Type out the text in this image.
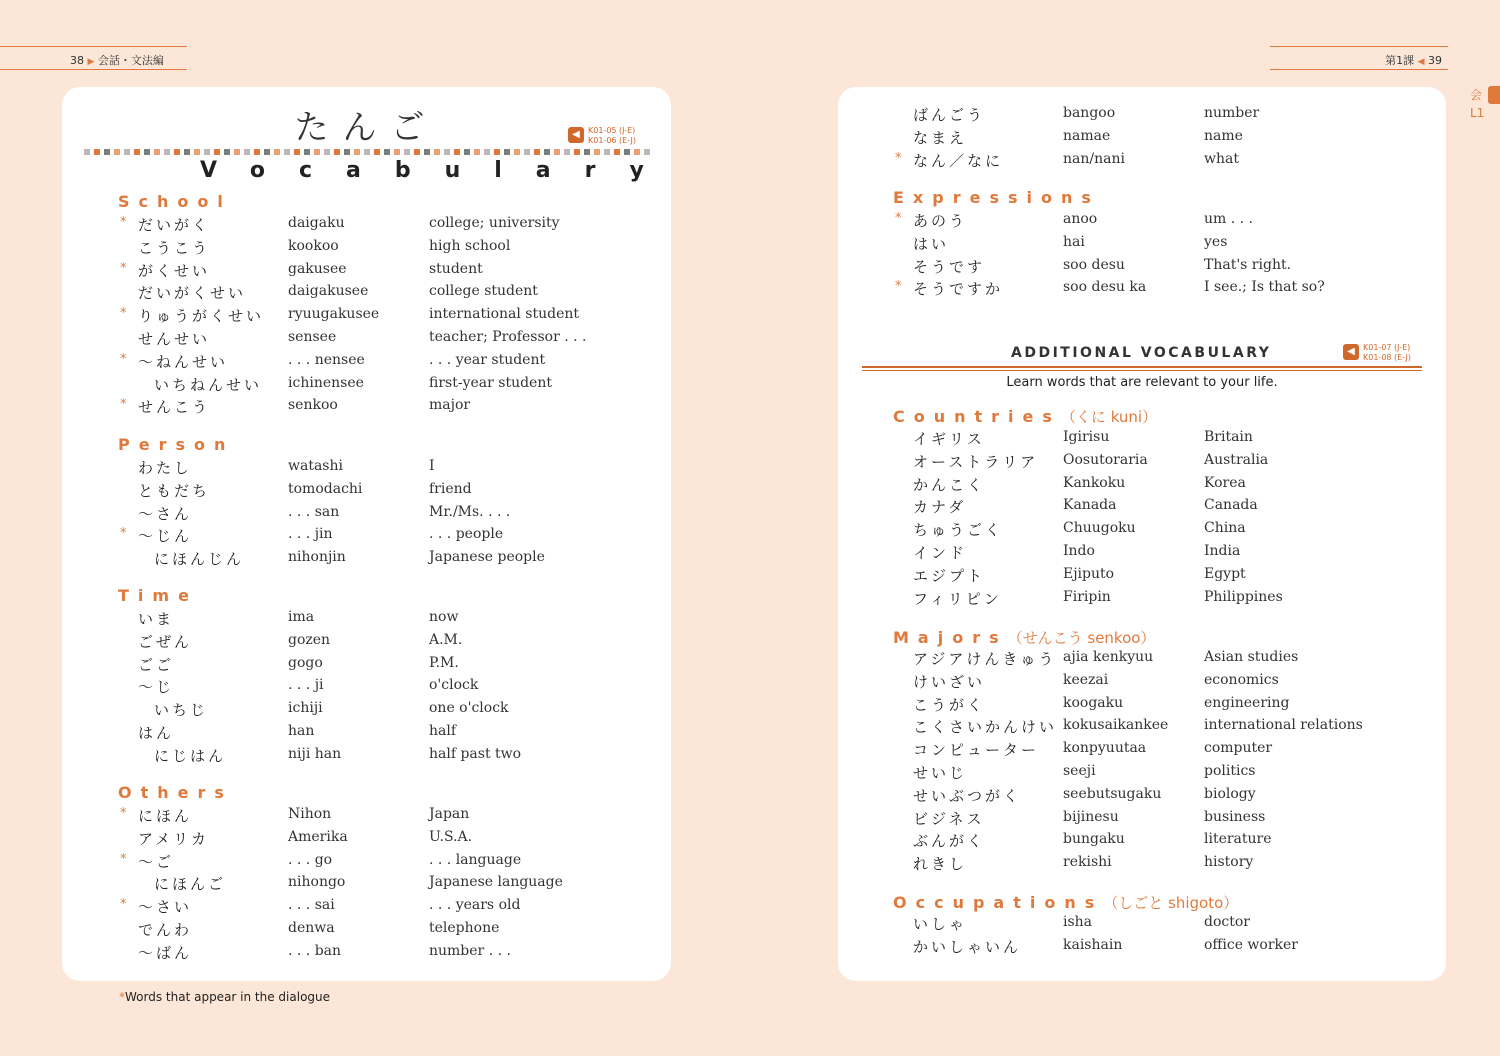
38 ▶ 会話・文法編	第1課 ◀ 39
会
L1
たんご	◀	K01-05 (J-E)
K01-06 (E-J)
Vocabulary
School
* だいがく	daigaku	college; university
こうこう	kookoo	high school
* がくせい	gakusee	student
だいがくせい	daigakusee	college student
* りゅうがくせい ryuugakusee	international student
せんせい	sensee	teacher; Professor . . .
* 〜ねんせい	. . . nensee	. . . year student
いちねんせい ichinensee	first-year student
* せんこう	senkoo	major
Person
わたし	watashi	I
ともだち	tomodachi	friend
〜さん	. . . san	Mr./Ms. . . .
* 〜じん	. . . jin	. . . people
にほんじん	nihonjin	Japanese people
Time
いま	ima	now
ごぜん	gozen	A.M.
ごご	gogo	P.M.
〜じ	. . . ji	o'clock
いちじ	ichiji	one o'clock
はん	han	half
にじはん	niji han	half past two
Others
* にほん	Nihon	Japan
アメリカ	Amerika	U.S.A.
* 〜ご	. . . go	. . . language
にほんご	nihongo	Japanese language
* 〜さい	. . . sai	. . . years old
でんわ	denwa	telephone
〜ばん	. . . ban	number . . .
ばんごう	bangoo	number
なまえ	namae	name
* なん／なに	nan/nani	what
Expressions
* あのう	anoo	um . . .
はい	hai	yes
そうです	soo desu	That's right.
* そうですか	soo desu ka	I see.; Is that so?
Countries（くに kuni）
イギリス	Igirisu	Britain
オーストラリア Oosutoraria	Australia
かんこく	Kankoku	Korea
カナダ	Kanada	Canada
ちゅうごく	Chuugoku	China
インド	Indo	India
エジプト	Ejiputo	Egypt
フィリピン	Firipin	Philippines
Majors（せんこう senkoo）
アジアけんきゅう ajia kenkyuu	Asian studies
けいざい	keezai	economics
こうがく	koogaku	engineering
こくさいかんけい kokusaikankee	international relations
コンピューター konpyuutaa	computer
せいじ	seeji	politics
せいぶつがく	seebutsugaku	biology
ビジネス	bijinesu	business
ぶんがく	bungaku	literature
れきし	rekishi	history
Occupations（しごと shigoto）
いしゃ	isha	doctor
かいしゃいん	kaishain	office worker
ADDITIONAL VOCABULARY	◀	K01-07 (J-E)
K01-08 (E-J)
Learn words that are relevant to your life.
*Words that appear in the dialogue
